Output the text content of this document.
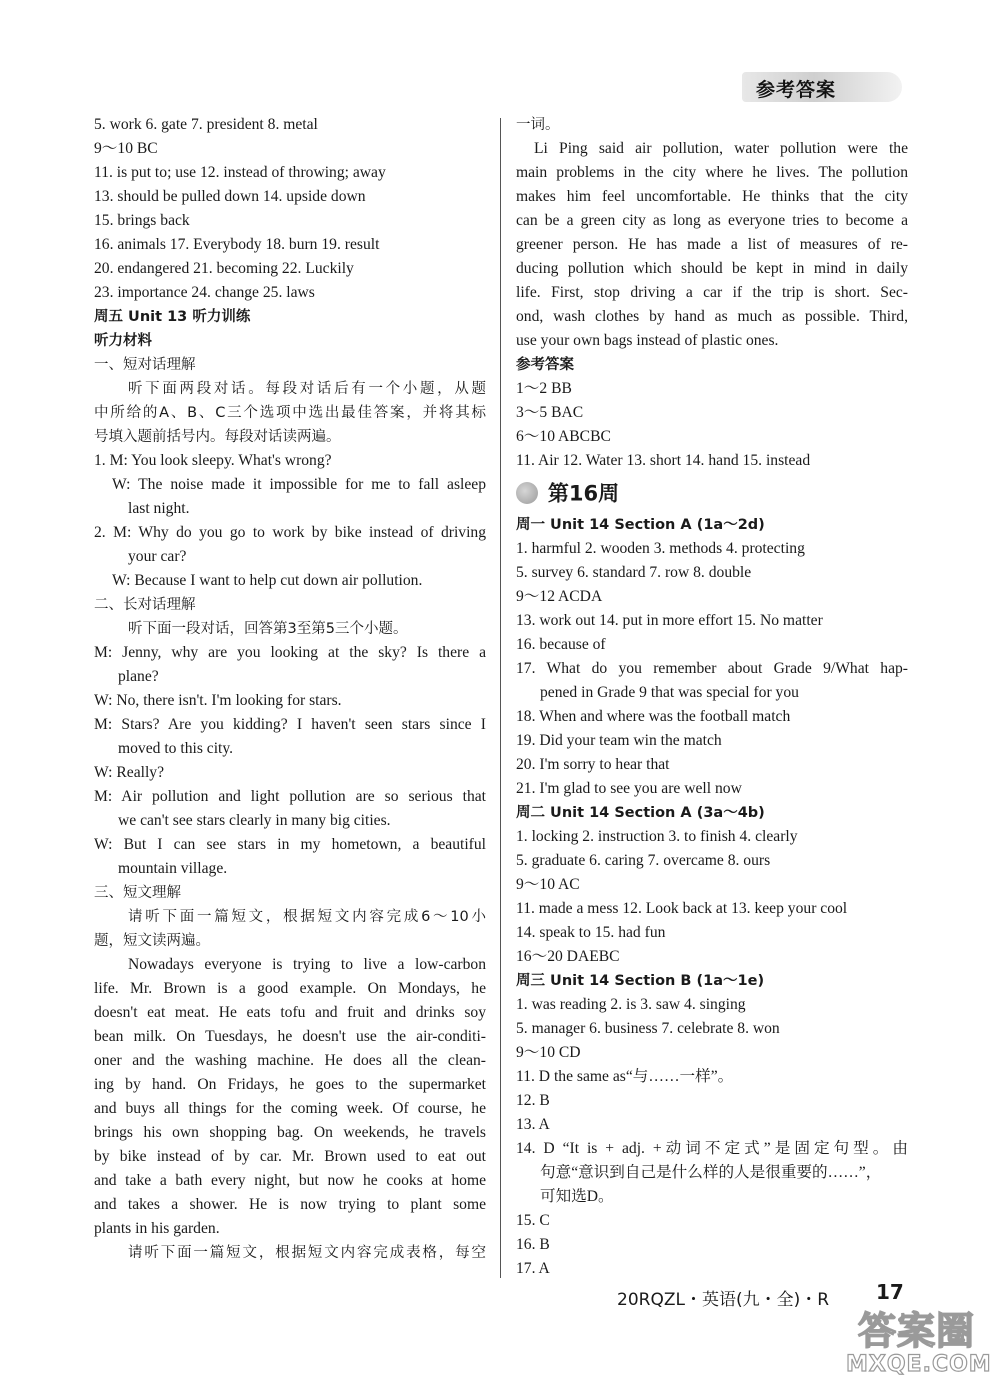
参考答案
5. work 6. gate 7. president 8. metal
9～10 BC
11. is put to; use 12. instead of throwing; away
13. should be pulled down 14. upside down
15. brings back
16. animals 17. Everybody 18. burn 19. result
20. endangered 21. becoming 22. Luckily
23. importance 24. change 25. laws
周五 Unit 13 听力训练
听力材料
一、短对话理解
听下面两段对话。每段对话后有一个小题，从题
中所给的A、B、C三个选项中选出最佳答案，并将其标
号填入题前括号内。每段对话读两遍。
1. M: You look sleepy. What's wrong?
W: The noise made it impossible for me to fall asleep
last night.
2. M: Why do you go to work by bike instead of driving
your car?
W: Because I want to help cut down air pollution.
二、长对话理解
听下面一段对话，回答第3至第5三个小题。
M: Jenny, why are you looking at the sky? Is there a
plane?
W: No, there isn't. I'm looking for stars.
M: Stars? Are you kidding? I haven't seen stars since I
moved to this city.
W: Really?
M: Air pollution and light pollution are so serious that
we can't see stars clearly in many big cities.
W: But I can see stars in my hometown, a beautiful
mountain village.
三、短文理解
请听下面一篇短文，根据短文内容完成6～10小
题，短文读两遍。
Nowadays everyone is trying to live a low-carbon
life. Mr. Brown is a good example. On Mondays, he
doesn't eat meat. He eats tofu and fruit and drinks soy
bean milk. On Tuesdays, he doesn't use the air-conditi-
oner and the washing machine. He does all the clean-
ing by hand. On Fridays, he goes to the supermarket
and buys all things for the coming week. Of course, he
brings his own shopping bag. On weekends, he travels
by bike instead of by car. Mr. Brown used to eat out
and take a bath every night, but now he cooks at home
and takes a shower. He is now trying to plant some
plants in his garden.
请听下面一篇短文，根据短文内容完成表格，每空
一词。
Li Ping said air pollution, water pollution were the
main problems in the city where he lives. The pollution
makes him feel uncomfortable. He thinks that the city
can be a green city as long as everyone tries to become a
greener person. He has made a list of measures of re-
ducing pollution which should be kept in mind in daily
life. First, stop driving a car if the trip is short. Sec-
ond, wash clothes by hand as much as possible. Third,
use your own bags instead of plastic ones.
参考答案
1～2 BB
3～5 BAC
6～10 ABCBC
11. Air 12. Water 13. short 14. hand 15. instead
第16周
周一 Unit 14 Section A (1a～2d)
1. harmful 2. wooden 3. methods 4. protecting
5. survey 6. standard 7. row 8. double
9～12 ACDA
13. work out 14. put in more effort 15. No matter
16. because of
17. What do you remember about Grade 9/What hap-
pened in Grade 9 that was special for you
18. When and where was the football match
19. Did your team win the match
20. I'm sorry to hear that
21. I'm glad to see you are well now
周二 Unit 14 Section A (3a～4b)
1. locking 2. instruction 3. to finish 4. clearly
5. graduate 6. caring 7. overcame 8. ours
9～10 AC
11. made a mess 12. Look back at 13. keep your cool
14. speak to 15. had fun
16～20 DAEBC
周三 Unit 14 Section B (1a～1e)
1. was reading 2. is 3. saw 4. singing
5. manager 6. business 7. celebrate 8. won
9～10 CD
11. D the same as“与……一样”。
12. B
13. A
14. D “It is + adj. +动词不定式”是固定句型。由
句意“意识到自己是什么样的人是很重要的……”，
可知选D。
15. C
16. B
17. A
20RQZL・英语(九・全)・R 17
答案圈
MXQE.COM
